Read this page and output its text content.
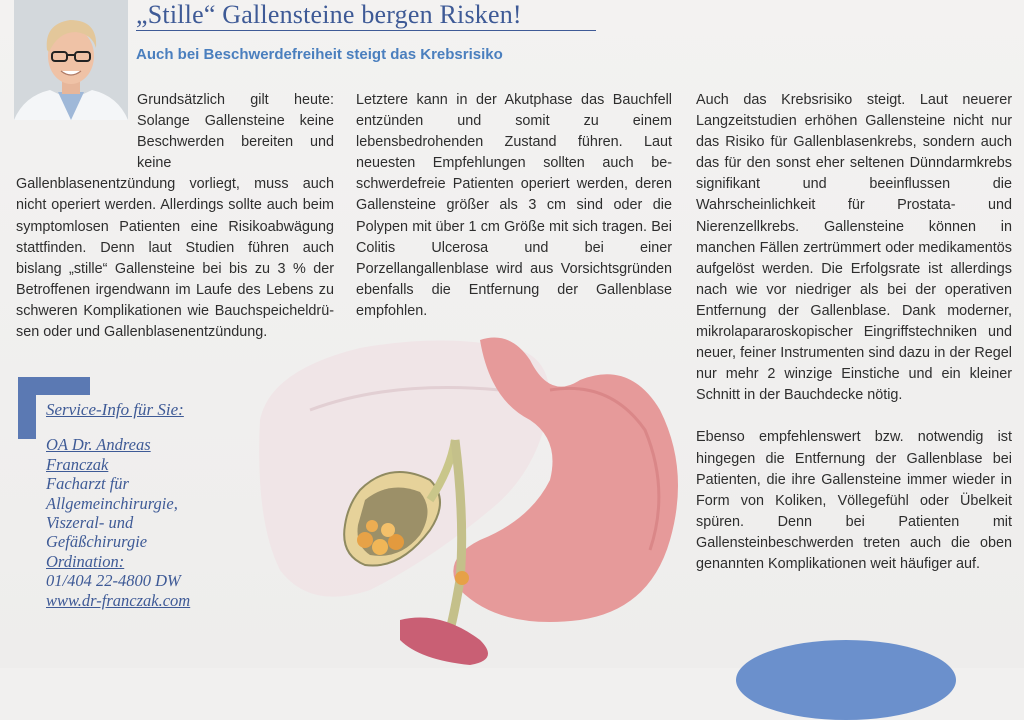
„Stille“ Gallensteine bergen Risken!
Auch bei Beschwerdefreiheit steigt das Krebsrisiko

Grundsätzlich gilt heute: Solange Gallensteine keine Beschwerden bereiten und keine Gallenblasenentzündung vorliegt, muss auch nicht operiert werden. Allerdings sollte auch beim symptomlosen Patienten eine Risikoabwägung stattfinden. Denn laut Studien führen auch bislang „stille“ Gallensteine bei bis zu 3 % der Betroffenen irgendwann im Laufe des Lebens zu schweren Komplikationen wie Bauchspeicheldrüsen oder und Gallenblasenentzündung.

Letztere kann in der Akutphase das Bauchfell entzünden und somit zu einem lebensbedrohenden Zustand führen. Laut neuesten Empfehlungen sollten auch beschwerdefreie Patienten operiert werden, deren Gallensteine größer als 3 cm sind oder die Polypen mit über 1 cm Größe mit sich tragen. Bei Colitis Ulcerosa und bei einer Porzellangallenblase wird aus Vorsichtsgründen ebenfalls die Entfernung der Gallenblase empfohlen.

Auch das Krebsrisiko steigt. Laut neuerer Langzeitstudien erhöhen Gallensteine nicht nur das Risiko für Gallenblasenkrebs, sondern auch das für den sonst eher seltenen Dünndarmkrebs signifikant und beeinflussen die Wahrscheinlichkeit für Prostata- und Nierenzellkrebs. Gallensteine können in manchen Fällen zertrümmert oder medikamentös aufgelöst werden. Die Erfolgsrate ist allerdings nach wie vor niedriger als bei der operativen Entfernung der Gallenblase. Dank moderner, mikrolapararoskopischer Eingriffstechniken und neuer, feiner Instrumenten sind dazu in der Regel nur mehr 2 winzige Einstiche und ein kleiner Schnitt in der Bauchdecke nötig.

Ebenso empfehlenswert bzw. notwendig ist hingegen die Entfernung der Gallenblase bei Patienten, die ihre Gallensteine immer wieder in Form von Koliken, Völlegefühl oder Übelkeit spüren. Denn bei Patienten mit Gallensteinbeschwerden treten auch die oben genannten Komplikationen weit häufiger auf.

Service-Info für Sie:
OA Dr. Andreas
Franczak
Facharzt für
Allgemeinchirurgie,
Viszeral- und
Gefäßchirurgie
Ordination:
01/404 22-4800 DW
www.dr-franczak.com
